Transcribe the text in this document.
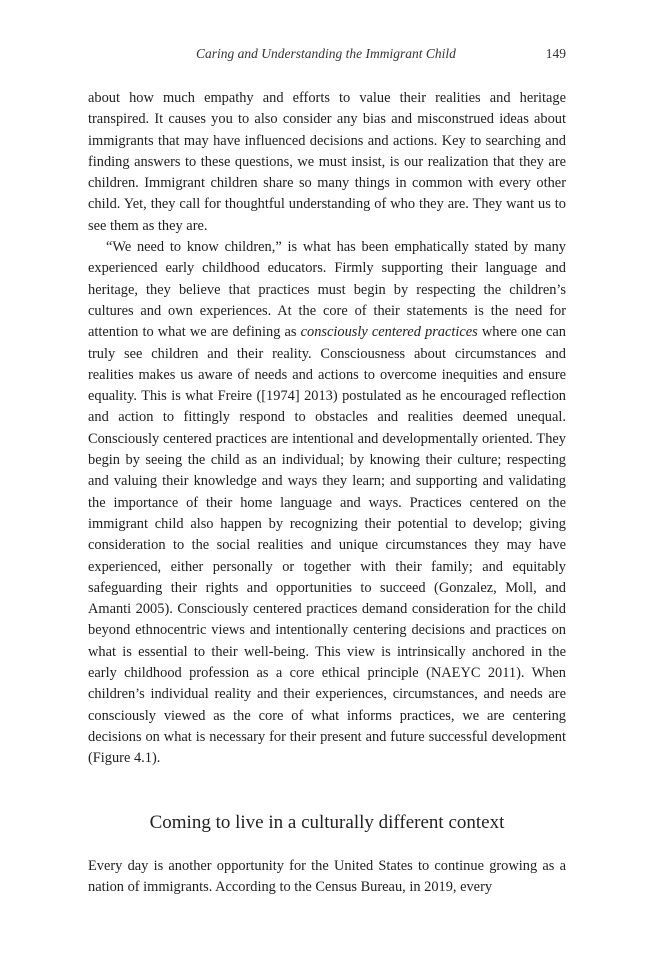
Caring and Understanding the Immigrant Child	149

about how much empathy and efforts to value their realities and heritage transpired. It causes you to also consider any bias and misconstrued ideas about immigrants that may have influenced decisions and actions. Key to searching and finding answers to these questions, we must insist, is our realization that they are children. Immigrant children share so many things in common with every other child. Yet, they call for thoughtful understanding of who they are. They want us to see them as they are.

“We need to know children,” is what has been emphatically stated by many experienced early childhood educators. Firmly supporting their language and heritage, they believe that practices must begin by respecting the children’s cultures and own experiences. At the core of their statements is the need for attention to what we are defining as consciously centered practices where one can truly see children and their reality. Consciousness about circumstances and realities makes us aware of needs and actions to overcome inequities and ensure equality. This is what Freire ([1974] 2013) postulated as he encouraged reflection and action to fittingly respond to obstacles and realities deemed unequal. Consciously centered practices are intentional and developmentally oriented. They begin by seeing the child as an individual; by knowing their culture; respecting and valuing their knowledge and ways they learn; and supporting and validating the importance of their home language and ways. Practices centered on the immigrant child also happen by recognizing their potential to develop; giving consideration to the social realities and unique circumstances they may have experienced, either personally or together with their family; and equitably safeguarding their rights and opportunities to succeed (Gonzalez, Moll, and Amanti 2005). Consciously centered practices demand consideration for the child beyond ethnocentric views and intentionally centering decisions and practices on what is essential to their well-being. This view is intrinsically anchored in the early childhood profession as a core ethical principle (NAEYC 2011). When children’s individual reality and their experiences, circumstances, and needs are consciously viewed as the core of what informs practices, we are centering decisions on what is necessary for their present and future successful development (Figure 4.1).

Coming to live in a culturally different context

Every day is another opportunity for the United States to continue growing as a nation of immigrants. According to the Census Bureau, in 2019, every
